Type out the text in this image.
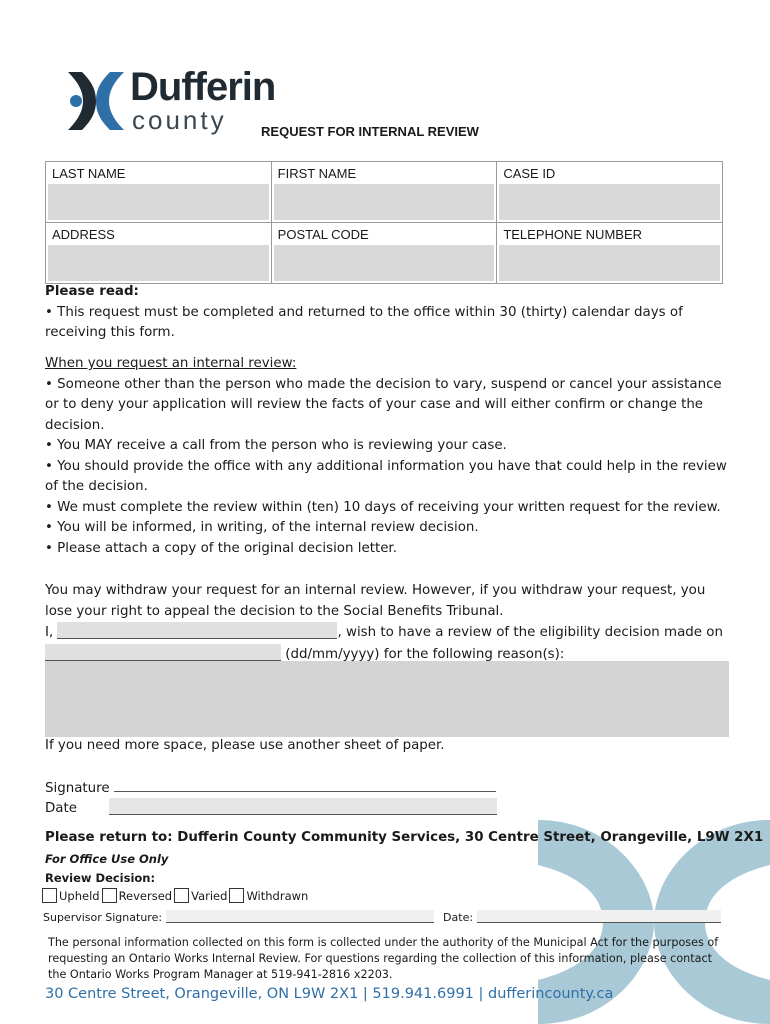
Dufferin
county	REQUEST FOR INTERNAL REVIEW
LAST NAME	FIRST NAME	CASE ID

ADDRESS	POSTAL CODE	TELEPHONE NUMBER

Please read:

• This request must be completed and returned to the office within 30 (thirty) calendar days of receiving this form.

When you request an internal review:

• Someone other than the person who made the decision to vary, suspend or cancel your assistance or to deny your application will review the facts of your case and will either confirm or change the decision.

• You MAY receive a call from the person who is reviewing your case.

• You should provide the office with any additional information you have that could help in the review of the decision.

• We must complete the review within (ten) 10 days of receiving your written request for the review.

• You will be informed, in writing, of the internal review decision.

• Please attach a copy of the original decision letter.

You may withdraw your request for an internal review. However, if you withdraw your request, you lose your right to appeal the decision to the Social Benefits Tribunal.

I,	, wish to have a review of the eligibility decision made on

(dd/mm/yyyy) for the following reason(s):

If you need more space, please use another sheet of paper.
Signature
Date
Please return to: Dufferin County Community Services, 30 Centre Street, Orangeville, L9W 2X1
For Office Use Only
Review Decision:
Upheld Reversed Varied Withdrawn
Supervisor Signature:	Date:
The personal information collected on this form is collected under the authority of the Municipal Act for the purposes of requesting an Ontario Works Internal Review. For questions regarding the collection of this information, please contact the Ontario Works Program Manager at 519-941-2816 x2203.
30 Centre Street, Orangeville, ON L9W 2X1 | 519.941.6991 | dufferincounty.ca
